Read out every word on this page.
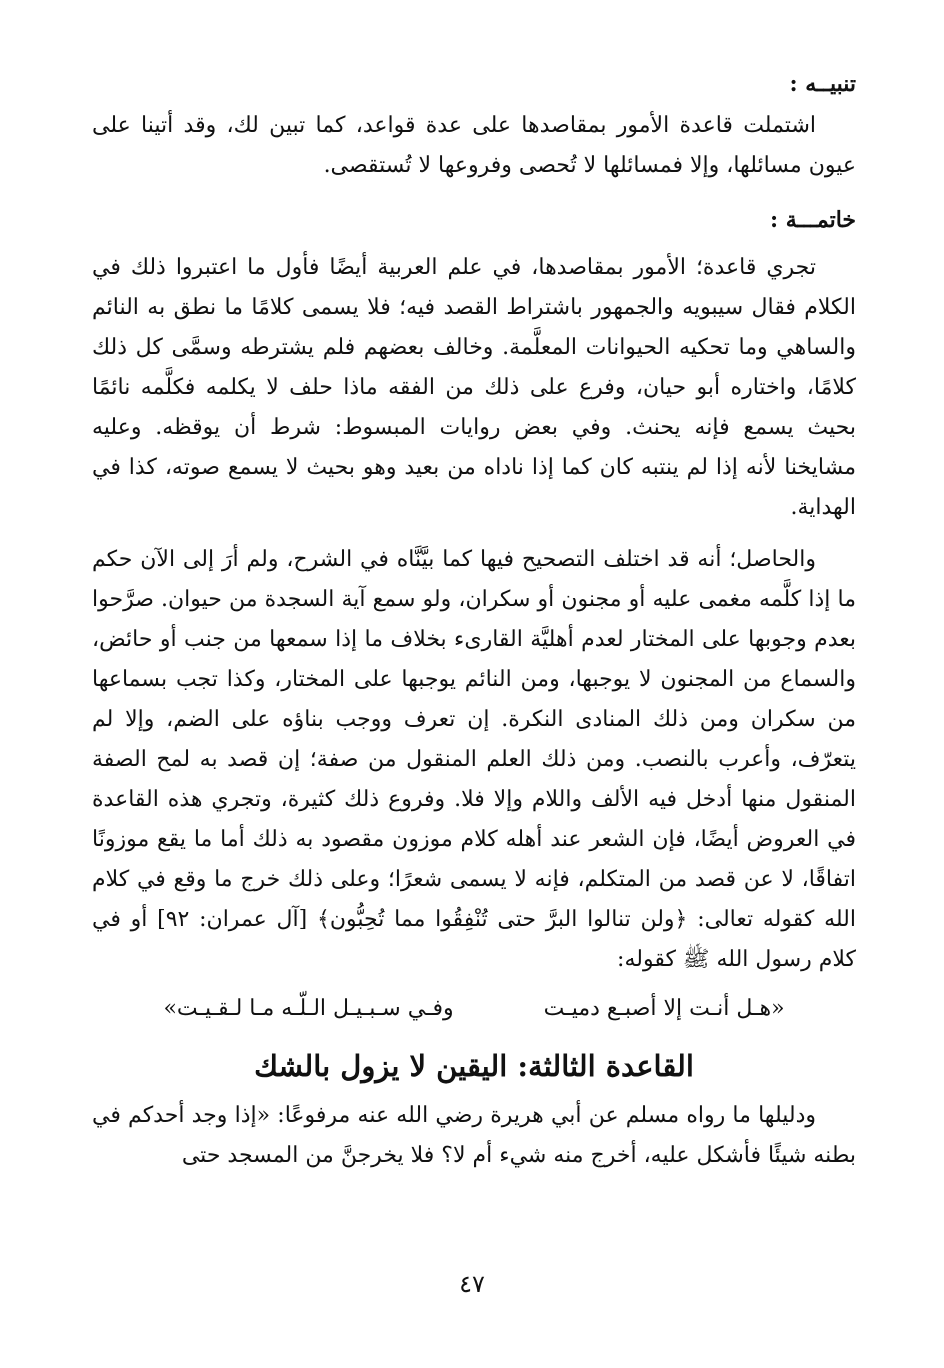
تنبيــه :

اشتملت قاعدة الأمور بمقاصدها على عدة قواعد، كما تبين لك، وقد أتينا على عيون مسائلها، وإلا فمسائلها لا تُحصى وفروعها لا تُستقصى.

خاتمـــة :

تجري قاعدة؛ الأمور بمقاصدها، في علم العربية أيضًا فأول ما اعتبروا ذلك في الكلام فقال سيبويه والجمهور باشتراط القصد فيه؛ فلا يسمى كلامًا ما نطق به النائم والساهي وما تحكيه الحيوانات المعلَّمة. وخالف بعضهم فلم يشترطه وسمَّى كل ذلك كلامًا، واختاره أبو حيان، وفرع على ذلك من الفقه ماذا حلف لا يكلمه فكلَّمه نائمًا بحيث يسمع فإنه يحنث. وفي بعض روايات المبسوط: شرط أن يوقظه. وعليه مشايخنا لأنه إذا لم ينتبه كان كما إذا ناداه من بعيد وهو بحيث لا يسمع صوته، كذا في الهداية.

والحاصل؛ أنه قد اختلف التصحيح فيها كما بيَّنَّاه في الشرح، ولم أرَ إلى الآن حكم ما إذا كلَّمه مغمى عليه أو مجنون أو سكران، ولو سمع آية السجدة من حيوان. صرَّحوا بعدم وجوبها على المختار لعدم أهليَّة القارىء بخلاف ما إذا سمعها من جنب أو حائض، والسماع من المجنون لا يوجبها، ومن النائم يوجبها على المختار، وكذا تجب بسماعها من سكران ومن ذلك المنادى النكرة. إن تعرف ووجب بناؤه على الضم، وإلا لم يتعرّف، وأعرب بالنصب. ومن ذلك العلم المنقول من صفة؛ إن قصد به لمح الصفة المنقول منها أدخل فيه الألف واللام وإلا فلا. وفروع ذلك كثيرة، وتجري هذه القاعدة في العروض أيضًا، فإن الشعر عند أهله كلام موزون مقصود به ذلك أما ما يقع موزونًا اتفاقًا، لا عن قصد من المتكلم، فإنه لا يسمى شعرًا؛ وعلى ذلك خرج ما وقع في كلام الله كقوله تعالى: ﴿ولن تنالوا البرَّ حتى تُنْفِقُوا مما تُحِبُّون﴾ [آل عمران: ٩٢] أو في كلام رسول الله ﷺ كقوله:

«هـل أنـت إلا أصبـع دميـت
وفـي سـبـيـل الـلّـه مـا لـقـيـت»
القاعدة الثالثة: اليقين لا يزول بالشك

ودليلها ما رواه مسلم عن أبي هريرة رضي الله عنه مرفوعًا: «إذا وجد أحدكم في بطنه شيئًا فأشكل عليه، أخرج منه شيء أم لا؟ فلا يخرجنَّ من المسجد حتى

٤٧
